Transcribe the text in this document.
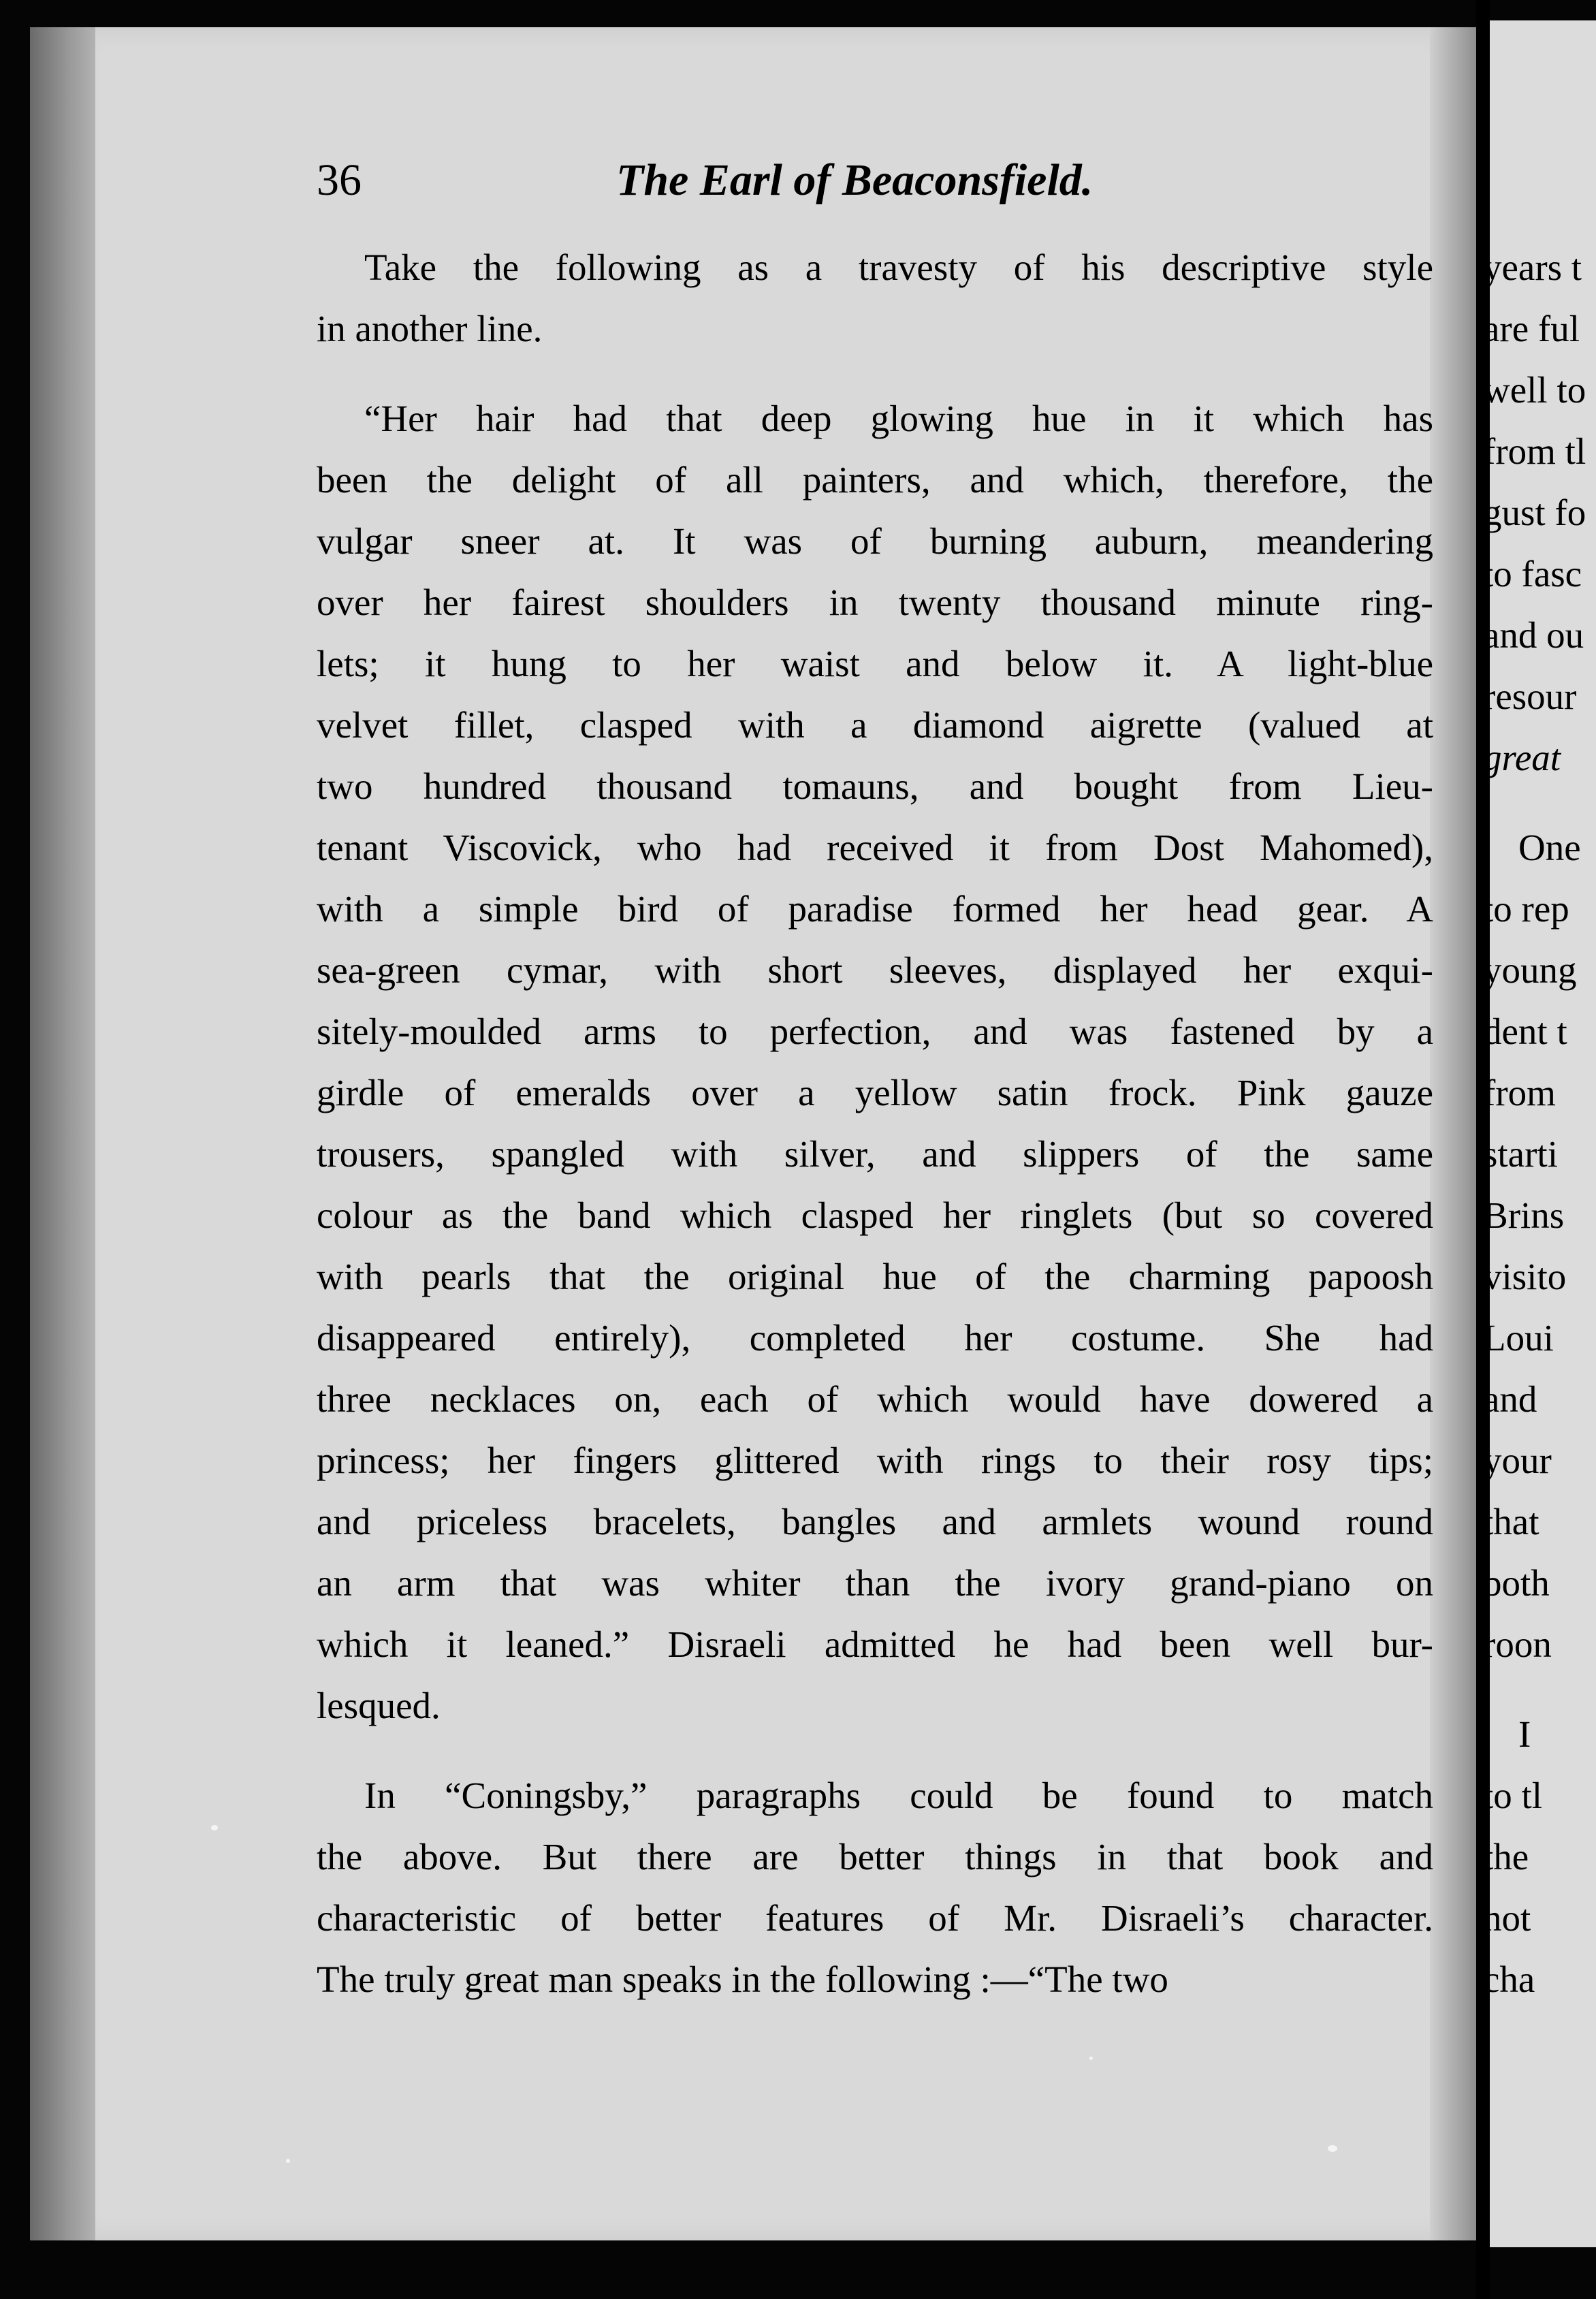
36	The Earl of Beaconsfield.
Take the following as a travesty of his descriptive style
in another line.
“Her hair had that deep glowing hue in it which has
been the delight of all painters, and which, therefore, the
vulgar sneer at. It was of burning auburn, meandering
over her fairest shoulders in twenty thousand minute ring-
lets; it hung to her waist and below it. A light-blue
velvet fillet, clasped with a diamond aigrette (valued at
two hundred thousand tomauns, and bought from Lieu-
tenant Viscovick, who had received it from Dost Mahomed),
with a simple bird of paradise formed her head gear. A
sea-green cymar, with short sleeves, displayed her exqui-
sitely-moulded arms to perfection, and was fastened by a
girdle of emeralds over a yellow satin frock. Pink gauze
trousers, spangled with silver, and slippers of the same
colour as the band which clasped her ringlets (but so covered
with pearls that the original hue of the charming papoosh
disappeared entirely), completed her costume. She had
three necklaces on, each of which would have dowered a
princess; her fingers glittered with rings to their rosy tips;
and priceless bracelets, bangles and armlets wound round
an arm that was whiter than the ivory grand-piano on
which it leaned.” Disraeli admitted he had been well bur-
lesqued.
In “Coningsby,” paragraphs could be found to match
the above. But there are better things in that book and
characteristic of better features of Mr. Disraeli’s character.
The truly great man speaks in the following :—“The two
years t
are ful
well to
from tl
gust fo
to fasc
and ou
resour
great
One
to rep
young
dent t
from
starti
Brins
visito
Loui
and
your
that
both
roon
I
to tl
the
not
cha
